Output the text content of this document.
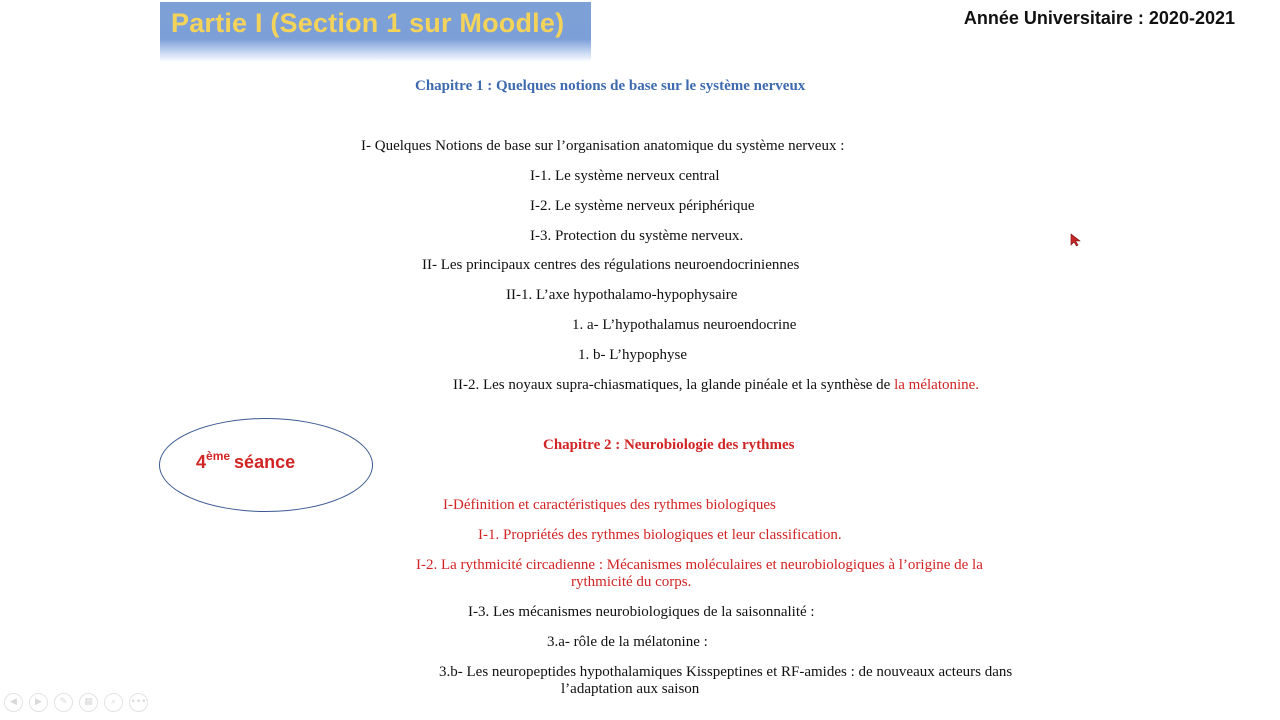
Partie I (Section 1 sur Moodle)	Année Universitaire : 2020-2021
Chapitre 1 : Quelques notions de base sur le système nerveux
I- Quelques Notions de base sur l’organisation anatomique du système nerveux :
I-1. Le système nerveux central
I-2. Le système nerveux périphérique
I-3. Protection du système nerveux.
II- Les principaux centres des régulations neuroendocriniennes
II-1. L’axe hypothalamo-hypophysaire
1. a- L’hypothalamus neuroendocrine
1. b- L’hypophyse
II-2. Les noyaux supra-chiasmatiques, la glande pinéale et la synthèse de la mélatonine.
4ème séance
Chapitre 2 : Neurobiologie des rythmes
I-Définition et caractéristiques des rythmes biologiques
I-1. Propriétés des rythmes biologiques et leur classification.
I-2. La rythmicité circadienne : Mécanismes moléculaires et neurobiologiques à l’origine de la
rythmicité du corps.
I-3. Les mécanismes neurobiologiques de la saisonnalité :
3.a- rôle de la mélatonine :
3.b- Les neuropeptides hypothalamiques Kisspeptines et RF-amides : de nouveaux acteurs dans
l’adaptation aux saison
◀	▶	✎	▦	⌕	•••
